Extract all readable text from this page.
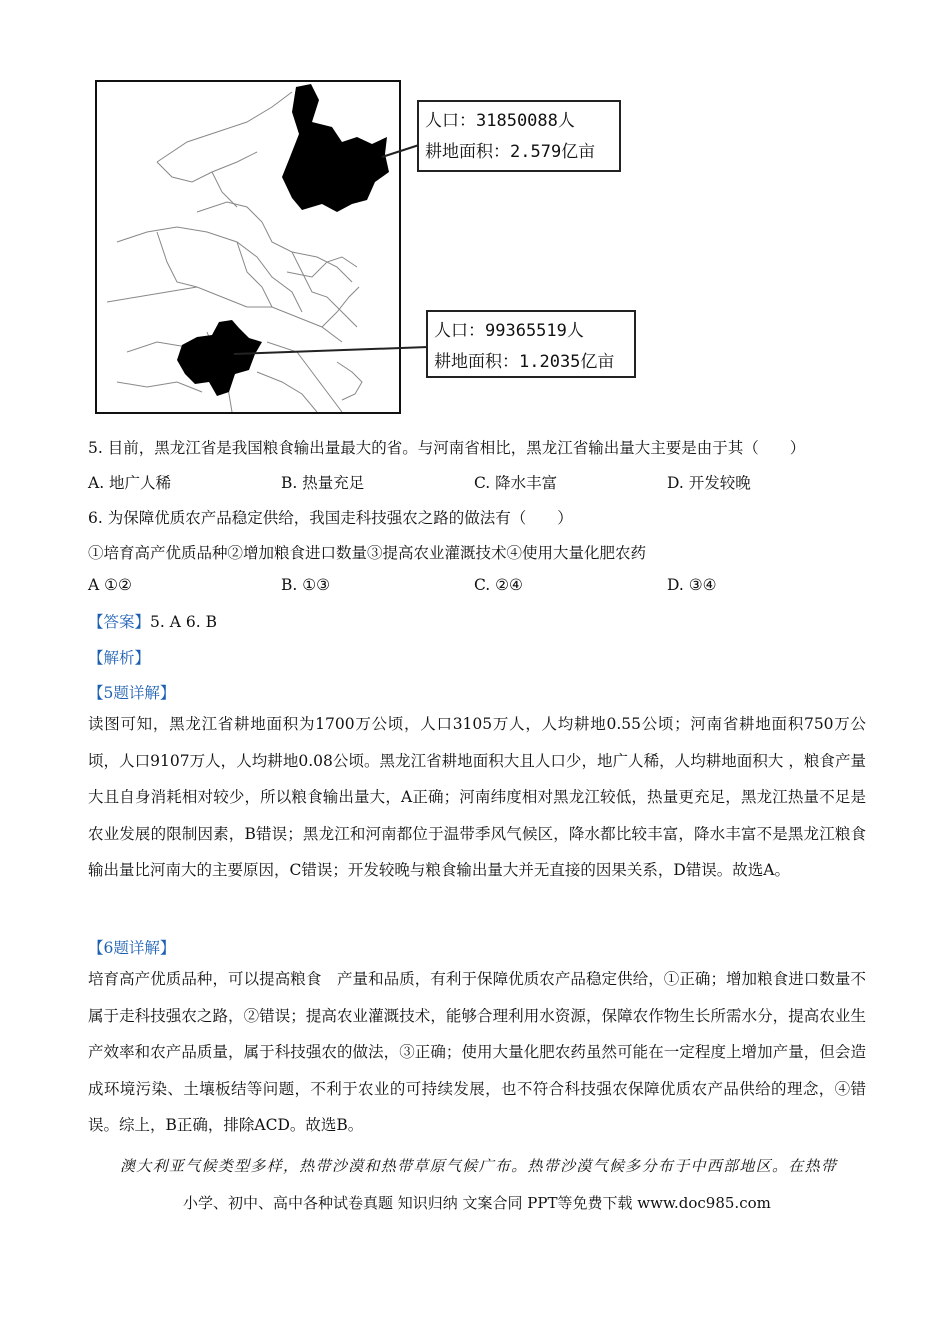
人口：31850088人
耕地面积：2.579亿亩
人口：99365519人
耕地面积：1.2035亿亩
5. 目前，黑龙江省是我国粮食输出量最大的省。与河南省相比，黑龙江省输出量大主要是由于其（　　）
A. 地广人稀	B. 热量充足	C. 降水丰富	D. 开发较晚
6. 为保障优质农产品稳定供给，我国走科技强农之路的做法有（　　）
①培育高产优质品种②增加粮食进口数量③提高农业灌溉技术④使用大量化肥农药
A ①②	B. ①③	C. ②④	D. ③④
【答案】5. A 6. B
【解析】
【5题详解】
读图可知，黑龙江省耕地面积为1700万公顷，人口3105万人，人均耕地0.55公顷；河南省耕地面积750万公顷，人口9107万人，人均耕地0.08公顷。黑龙江省耕地面积大且人口少，地广人稀，人均耕地面积大 ，粮食产量大且自身消耗相对较少，所以粮食输出量大，A正确；河南纬度相对黑龙江较低，热量更充足，黑龙江热量不足是农业发展的限制因素，B错误；黑龙江和河南都位于温带季风气候区，降水都比较丰富，降水丰富不是黑龙江粮食输出量比河南大的主要原因，C错误；开发较晚与粮食输出量大并无直接的因果关系，D错误。故选A。
【6题详解】
培育高产优质品种，可以提高粮食　产量和品质，有利于保障优质农产品稳定供给，①正确；增加粮食进口数量不属于走科技强农之路，②错误；提高农业灌溉技术，能够合理利用水资源，保障农作物生长所需水分，提高农业生产效率和农产品质量，属于科技强农的做法，③正确；使用大量化肥农药虽然可能在一定程度上增加产量，但会造成环境污染、土壤板结等问题，不利于农业的可持续发展，也不符合科技强农保障优质农产品供给的理念，④错误。综上，B正确，排除ACD。故选B。
澳大利亚气候类型多样，热带沙漠和热带草原气候广布。热带沙漠气候多分布于中西部地区。在热带
小学、初中、高中各种试卷真题 知识归纳 文案合同 PPT等免费下载 www.doc985.com
